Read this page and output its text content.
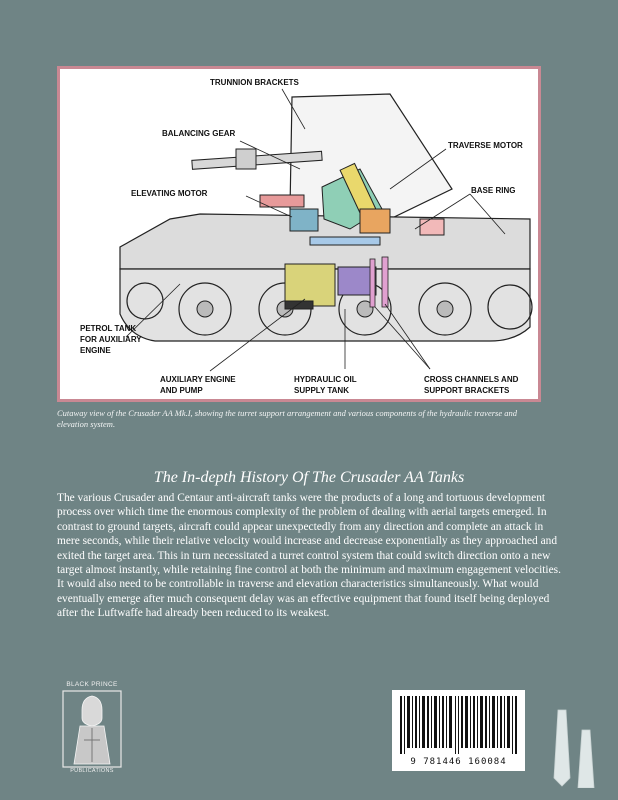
TRUNNION BRACKETS
BALANCING GEAR
TRAVERSE MOTOR
ELEVATING MOTOR	BASE RING
PETROL TANK
FOR AUXILIARY
ENGINE
AUXILIARY ENGINE
AND PUMP
HYDRAULIC OIL
SUPPLY TANK
CROSS CHANNELS AND
SUPPORT BRACKETS
Cutaway view of the Crusader AA Mk.I, showing the turret support arrangement and various components of the hydraulic traverse and elevation system.
The In-depth History Of The Crusader AA Tanks
The various Crusader and Centaur anti-aircraft tanks were the products of a long and tortuous development process over which time the enormous complexity of the problem of dealing with aerial targets emerged. In contrast to ground targets, aircraft could appear unexpectedly from any direction and complete an attack in mere seconds, while their relative velocity would increase and decrease exponentially as they approached and exited the target area. This in turn necessitated a turret control system that could switch direction onto a new target almost instantly, while retaining fine control at both the minimum and maximum engagement velocities. It would also need to be controllable in traverse and elevation characteristics simultaneously. What would eventually emerge after much consequent delay was an effective equipment that found itself being deployed after the Luftwaffe had already been reduced to its weakest.
BLACK PRINCE
PUBLICATIONS
9 781446 160084
